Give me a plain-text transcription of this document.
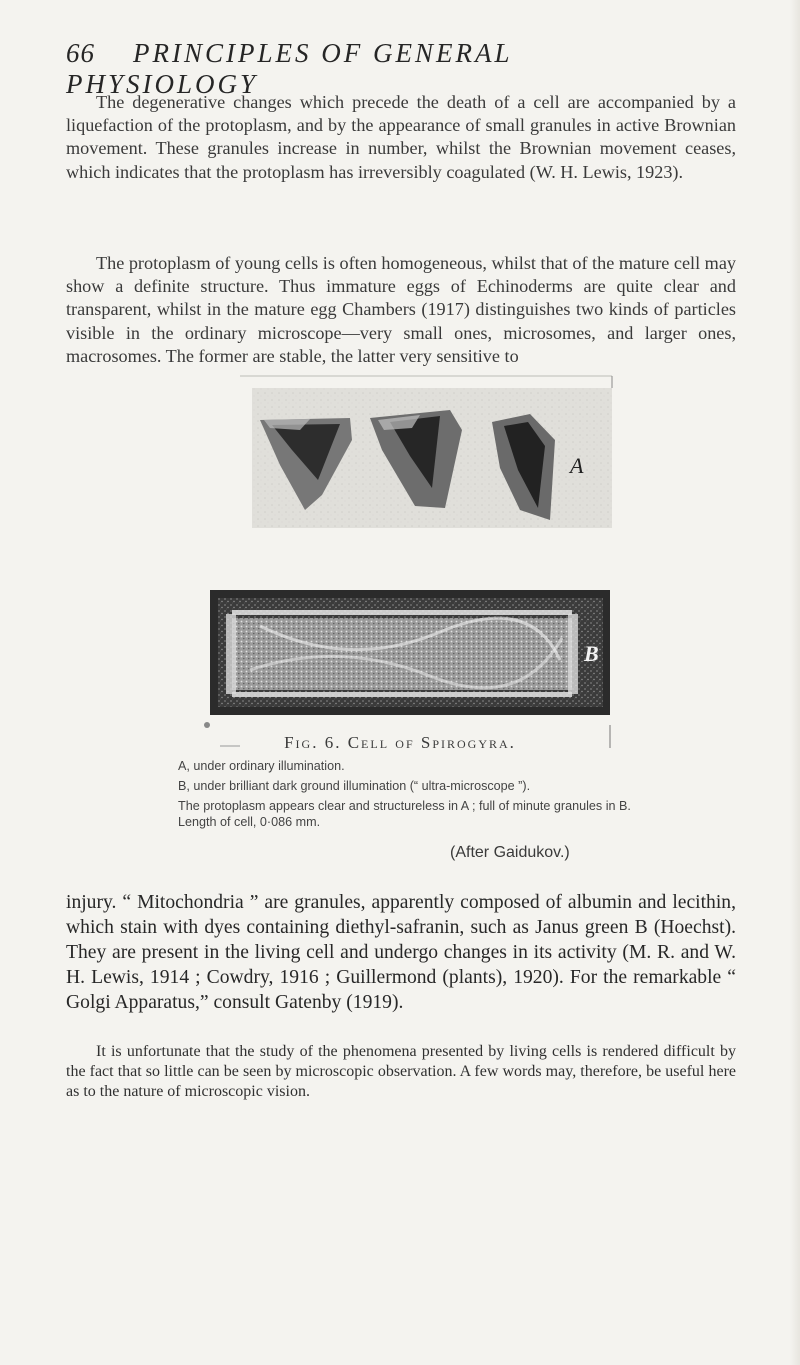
66 PRINCIPLES OF GENERAL PHYSIOLOGY
The degenerative changes which precede the death of a cell are accompanied by a liquefaction of the protoplasm, and by the appearance of small granules in active Brownian movement. These granules increase in number, whilst the Brownian movement ceases, which indicates that the protoplasm has irreversibly coagulated (W. H. Lewis, 1923).
The protoplasm of young cells is often homogeneous, whilst that of the mature cell may show a definite structure. Thus immature eggs of Echinoderms are quite clear and transparent, whilst in the mature egg Chambers (1917) distinguishes two kinds of particles visible in the ordinary microscope—very small ones, microsomes, and larger ones, macrosomes. The former are stable, the latter very sensitive to
A
B
Fig. 6. Cell of Spirogyra.
A, under ordinary illumination.
B, under brilliant dark ground illumination (“ ultra-microscope ”).
The protoplasm appears clear and structureless in A ; full of minute granules in B. Length of cell, 0·086 mm.
(After Gaidukov.)
injury. “ Mitochondria ” are granules, apparently composed of albumin and lecithin, which stain with dyes containing diethyl-safranin, such as Janus green B (Hoechst). They are present in the living cell and undergo changes in its activity (M. R. and W. H. Lewis, 1914 ; Cowdry, 1916 ; Guillermond (plants), 1920). For the remarkable “ Golgi Apparatus,” consult Gatenby (1919).
It is unfortunate that the study of the phenomena presented by living cells is rendered difficult by the fact that so little can be seen by microscopic observation. A few words may, therefore, be useful here as to the nature of microscopic vision.
